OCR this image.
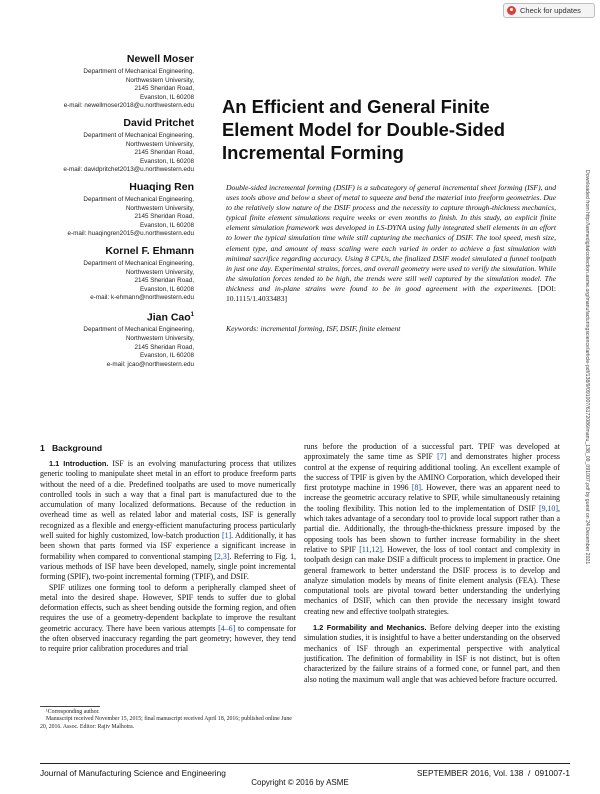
Check for updates
Newell Moser
Department of Mechanical Engineering,
Northwestern University,
2145 Sheridan Road,
Evanston, IL 60208
e-mail: newellmoser2018@u.northwestern.edu
David Pritchet
Department of Mechanical Engineering,
Northwestern University,
2145 Sheridan Road,
Evanston, IL 60208
e-mail: davidpritchet2013@u.northwestern.edu
Huaqing Ren
Department of Mechanical Engineering,
Northwestern University,
2145 Sheridan Road,
Evanston, IL 60208
e-mail: huaqingren2015@u.northwestern.edu
Kornel F. Ehmann
Department of Mechanical Engineering,
Northwestern University,
2145 Sheridan Road,
Evanston, IL 60208
e-mail: k-ehmann@northwestern.edu
Jian Cao$^1$
Department of Mechanical Engineering,
Northwestern University,
2145 Sheridan Road,
Evanston, IL 60208
e-mail: jcao@northwestern.edu
An Efficient and General Finite Element Model for Double-Sided Incremental Forming
Double-sided incremental forming (DSIF) is a subcategory of general incremental sheet forming (ISF), and uses tools above and below a sheet of metal to squeeze and bend the material into freeform geometries. Due to the relatively slow nature of the DSIF process and the necessity to capture through-thickness mechanics, typical finite element simulations require weeks or even months to finish. In this study, an explicit finite element simulation framework was developed in LS-DYNA using fully integrated shell elements in an effort to lower the typical simulation time while still capturing the mechanics of DSIF. The tool speed, mesh size, element type, and amount of mass scaling were each varied in order to achieve a fast simulation with minimal sacrifice regarding accuracy. Using 8 CPUs, the finalized DSIF model simulated a funnel toolpath in just one day. Experimental strains, forces, and overall geometry were used to verify the simulation. While the simulation forces tended to be high, the trends were still well captured by the simulation model. The thickness and in-plane strains were found to be in good agreement with the experiments. [DOI: 10.1115/1.4033483]
Keywords: incremental forming, ISF, DSIF, finite element	Downloaded from http://asmedigitalcollection.asme.org/manufacturingscience/article-pdf/138/9/091007/6172086/manu_138_09_091007.pdf by guest on 24 December 2021
1 Background

1.1 Introduction. ISF is an evolving manufacturing process that utilizes generic tooling to manipulate sheet metal in an effort to produce freeform parts without the need of a die. Predefined toolpaths are used to move numerically controlled tools in such a way that a final part is manufactured due to the accumulation of many localized deformations. Because of the reduction in overhead time as well as related labor and material costs, ISF is generally recognized as a flexible and energy-efficient manufacturing process particularly well suited for highly customized, low-batch production [1]. Additionally, it has been shown that parts formed via ISF experience a significant increase in formability when compared to conventional stamping [2,3]. Referring to Fig. 1, various methods of ISF have been developed, namely, single point incremental forming (SPIF), two-point incremental forming (TPIF), and DSIF.

SPIF utilizes one forming tool to deform a peripherally clamped sheet of metal into the desired shape. However, SPIF tends to suffer due to global deformation effects, such as sheet bending outside the forming region, and often requires the use of a geometry-dependent backplate to improve the resultant geometric accuracy. There have been various attempts [4–6] to compensate for the often observed inaccuracy regarding the part geometry; however, they tend to require prior calibration procedures and trial

runs before the production of a successful part. TPIF was developed at approximately the same time as SPIF [7] and demonstrates higher process control at the expense of requiring additional tooling. An excellent example of the success of TPIF is given by the AMINO Corporation, which developed their first prototype machine in 1996 [8]. However, there was an apparent need to increase the geometric accuracy relative to SPIF, while simultaneously retaining the tooling flexibility. This notion led to the implementation of DSIF [9,10], which takes advantage of a secondary tool to provide local support rather than a partial die. Additionally, the through-the-thickness pressure imposed by the opposing tools has been shown to further increase formability in the sheet relative to SPIF [11,12]. However, the loss of tool contact and complexity in toolpath design can make DSIF a difficult process to implement in practice. One general framework to better understand the DSIF process is to develop and analyze simulation models by means of finite element analysis (FEA). These computational tools are pivotal toward better understanding the underlying mechanics of DSIF, which can then provide the necessary insight toward creating new and effective toolpath strategies.

1.2 Formability and Mechanics. Before delving deeper into the existing simulation studies, it is insightful to have a better understanding on the observed mechanics of ISF through an experimental perspective with analytical justification. The definition of formability in ISF is not distinct, but is often characterized by the failure strains of a formed cone, or funnel part, and then also noting the maximum wall angle that was achieved before fracture occurred.

¹Corresponding author.

Manuscript received November 15, 2015; final manuscript received April 18, 2016; published online June 20, 2016. Assoc. Editor: Rajiv Malhotra.

Journal of Manufacturing Science and Engineering	SEPTEMBER 2016, Vol. 138  /  091007-1
Copyright © 2016 by ASME
